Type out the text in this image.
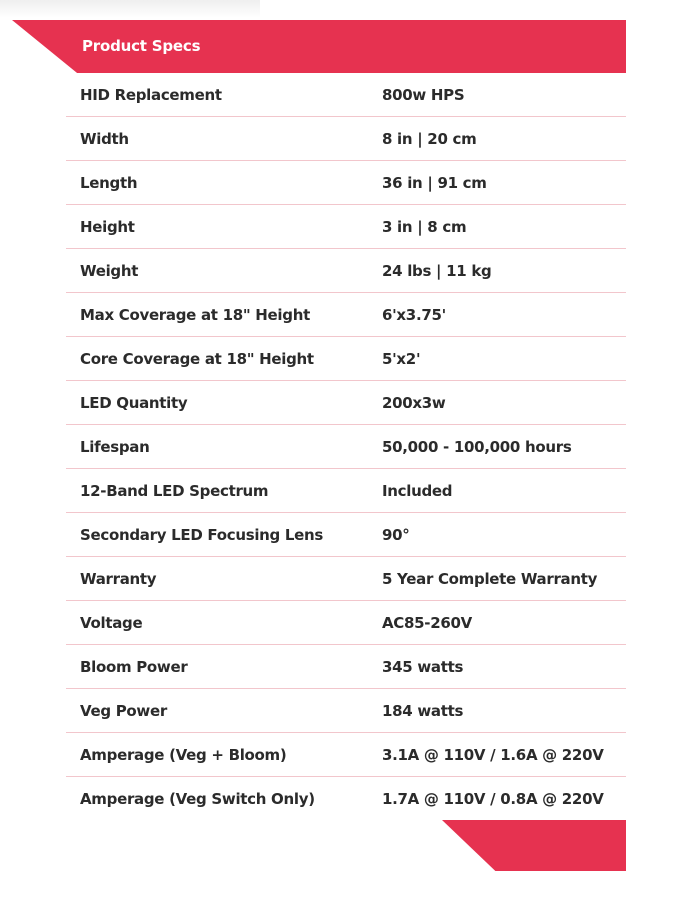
Product Specs
HID Replacement	800w HPS
Width	8 in | 20 cm
Length	36 in | 91 cm
Height	3 in | 8 cm
Weight	24 lbs | 11 kg
Max Coverage at 18" Height	6'x3.75'
Core Coverage at 18" Height	5'x2'
LED Quantity	200x3w
Lifespan	50,000 - 100,000 hours
12-Band LED Spectrum	Included
Secondary LED Focusing Lens	90°
Warranty	5 Year Complete Warranty
Voltage	AC85-260V
Bloom Power	345 watts
Veg Power	184 watts
Amperage (Veg + Bloom)	3.1A @ 110V / 1.6A @ 220V
Amperage (Veg Switch Only)	1.7A @ 110V / 0.8A @ 220V
